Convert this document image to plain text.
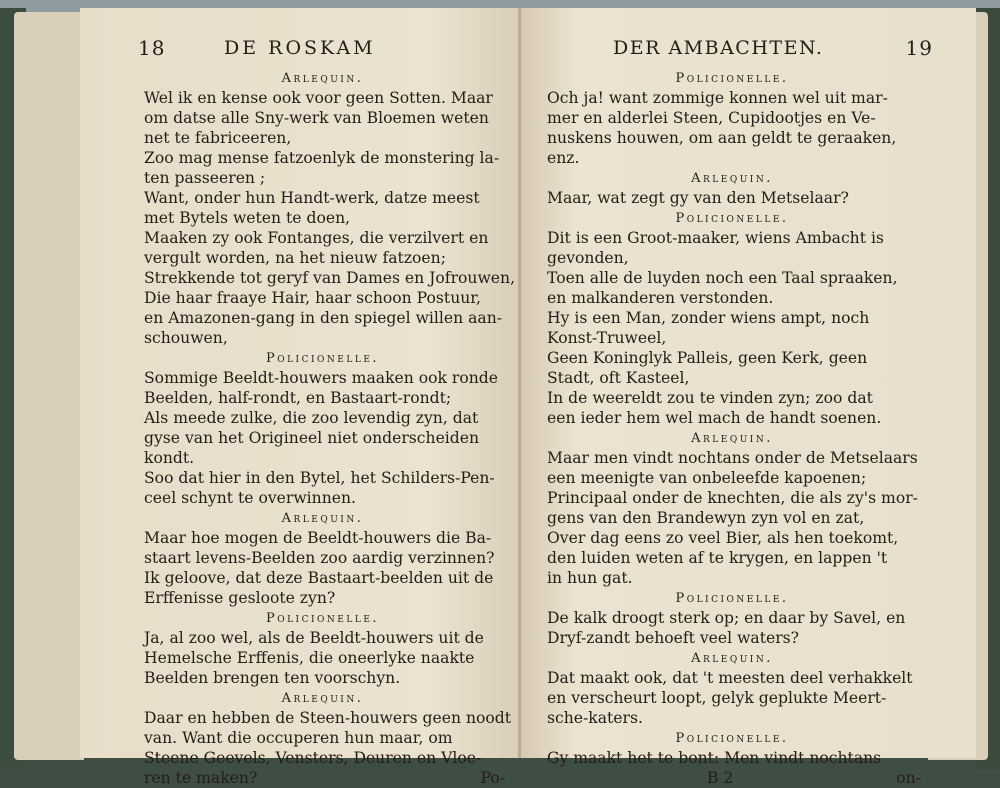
18	DE ROSKAM
Arlequin.
Wel ik en kense ook voor geen Sotten. Maar
om datse alle Sny-werk van Bloemen weten
net te fabriceeren,
Zoo mag mense fatzoenlyk de monstering la-
ten passeeren ;
Want, onder hun Handt-werk, datze meest
met Bytels weten te doen,
Maaken zy ook Fontanges, die verzilvert en
vergult worden, na het nieuw fatzoen;
Strekkende tot geryf van Dames en Jofrouwen,
Die haar fraaye Hair, haar schoon Postuur,
en Amazonen-gang in den spiegel willen aan-
schouwen,
Policionelle.
Sommige Beeldt-houwers maaken ook ronde
Beelden, half-rondt, en Bastaart-rondt;
Als meede zulke, die zoo levendig zyn, dat
gyse van het Origineel niet onderscheiden
kondt.
Soo dat hier in den Bytel, het Schilders-Pen-
ceel schynt te overwinnen.
Arlequin.
Maar hoe mogen de Beeldt-houwers die Ba-
staart levens-Beelden zoo aardig verzinnen?
Ik geloove, dat deze Bastaart-beelden uit de
Erffenisse gesloote zyn?
Policionelle.
Ja, al zoo wel, als de Beeldt-houwers uit de
Hemelsche Erffenis, die oneerlyke naakte
Beelden brengen ten voorschyn.
Arlequin.
Daar en hebben de Steen-houwers geen noodt
van. Want die occuperen hun maar, om
Steene Geevels, Vensters, Deuren en Vloe-
ren te maken?	Po-
DER AMBACHTEN.	19
Policionelle.
Och ja! want zommige konnen wel uit mar-
mer en alderlei Steen, Cupidootjes en Ve-
nuskens houwen, om aan geldt te geraaken,
enz.
Arlequin.
Maar, wat zegt gy van den Metselaar?
Policionelle.
Dit is een Groot-maaker, wiens Ambacht is
gevonden,
Toen alle de luyden noch een Taal spraaken,
en malkanderen verstonden.
Hy is een Man, zonder wiens ampt, noch
Konst-Truweel,
Geen Koninglyk Palleis, geen Kerk, geen
Stadt, oft Kasteel,
In de weereldt zou te vinden zyn; zoo dat
een ieder hem wel mach de handt soenen.
Arlequin.
Maar men vindt nochtans onder de Metselaars
een meenigte van onbeleefde kapoenen;
Principaal onder de knechten, die als zy's mor-
gens van den Brandewyn zyn vol en zat,
Over dag eens zo veel Bier, als hen toekomt,
den luiden weten af te krygen, en lappen 't
in hun gat.
Policionelle.
De kalk droogt sterk op; en daar by Savel, en
Dryf-zandt behoeft veel waters?
Arlequin.
Dat maakt ook, dat 't meesten deel verhakkelt
en verscheurt loopt, gelyk geplukte Meert-
sche-katers.
Policionelle.
Gy maakt het te bont: Men vindt nochtans
B 2	on-
